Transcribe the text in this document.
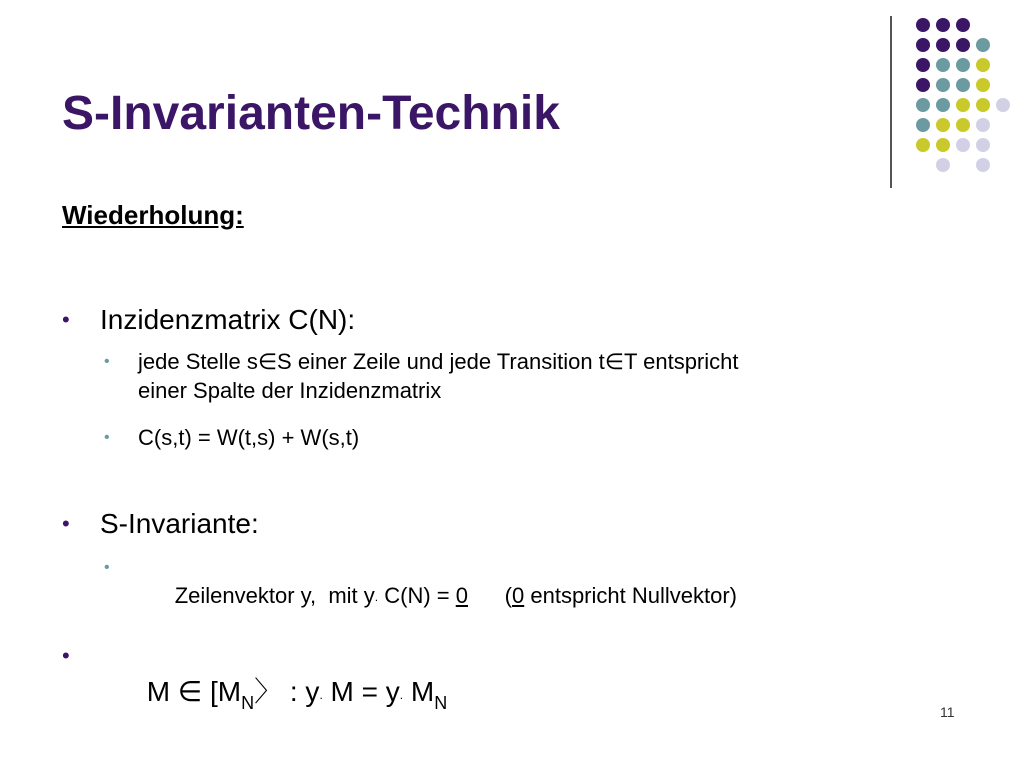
S-Invarianten-Technik
Wiederholung:
• Inzidenzmatrix C(N):
• jede Stelle s∈S einer Zeile und jede Transition t∈T entspricht
einer Spalte der Inzidenzmatrix
• C(s,t) = W(t,s) + W(s,t)
• S-Invariante:
•

Zeilenvektor y,  mit y. C(N) = 0      (0 entspricht Nullvektor)

•

M ∈ [$M_N$〉 : y. M = y. $M_N$
	11
